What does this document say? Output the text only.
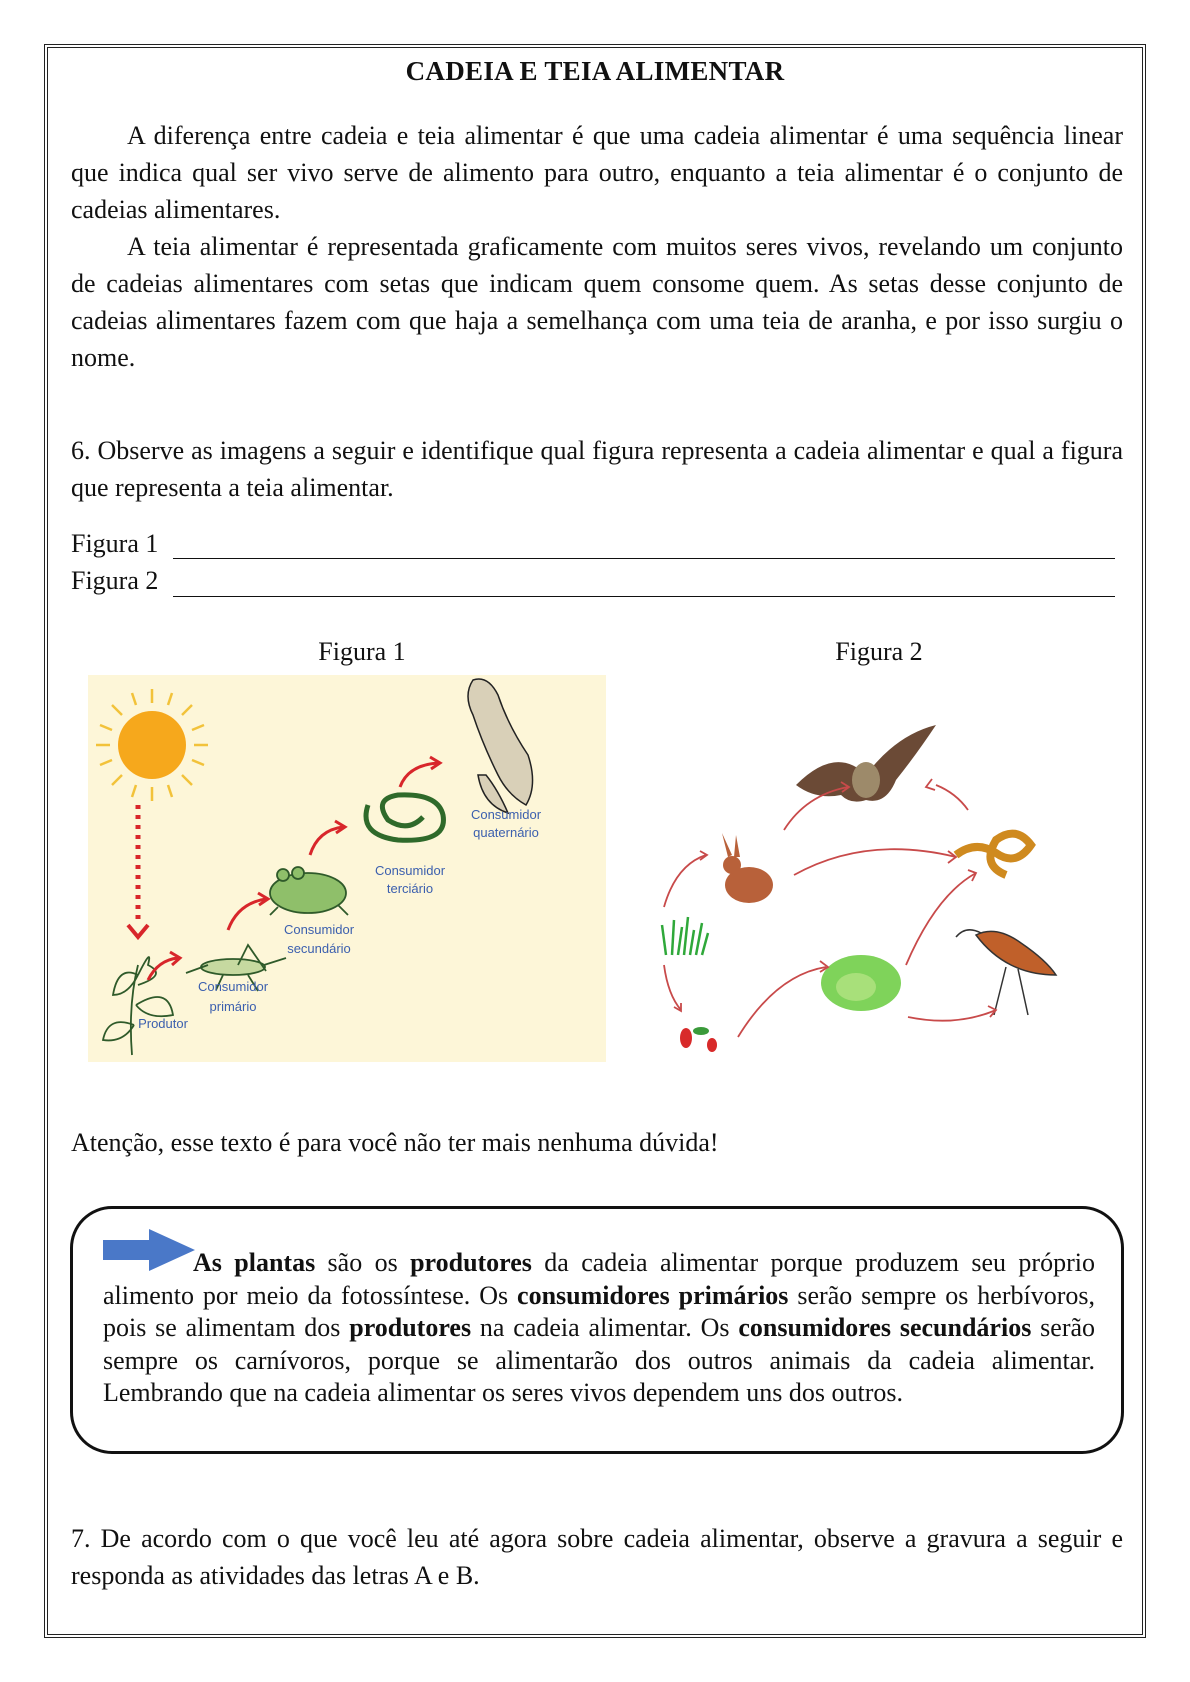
CADEIA E TEIA ALIMENTAR

A diferença entre cadeia e teia alimentar é que uma cadeia alimentar é uma sequência linear que indica qual ser vivo serve de alimento para outro, enquanto a teia alimentar é o conjunto de cadeias alimentares.

A teia alimentar é representada graficamente com muitos seres vivos, revelando um conjunto de cadeias alimentares com setas que indicam quem consome quem. As setas desse conjunto de cadeias alimentares fazem com que haja a semelhança com uma teia de aranha, e por isso surgiu o nome.

6. Observe as imagens a seguir e identifique qual figura representa a cadeia alimentar e qual a figura que representa a teia alimentar.

Figura 1
Figura 2
Figura 1	Figura 2
Produtor
Consumidor
primário
Consumidor
secundário
Consumidor
terciário
Consumidor
quaternário
Atenção, esse texto é para você não ter mais nenhuma dúvida!

As plantas são os produtores da cadeia alimentar porque produzem seu próprio alimento por meio da fotossíntese. Os consumidores primários serão sempre os herbívoros, pois se alimentam dos produtores na cadeia alimentar. Os consumidores secundários serão sempre os carnívoros, porque se alimentarão dos outros animais da cadeia alimentar. Lembrando que na cadeia alimentar os seres vivos dependem uns dos outros.

7. De acordo com o que você leu até agora sobre cadeia alimentar, observe a gravura a seguir e responda as atividades das letras A e B.
